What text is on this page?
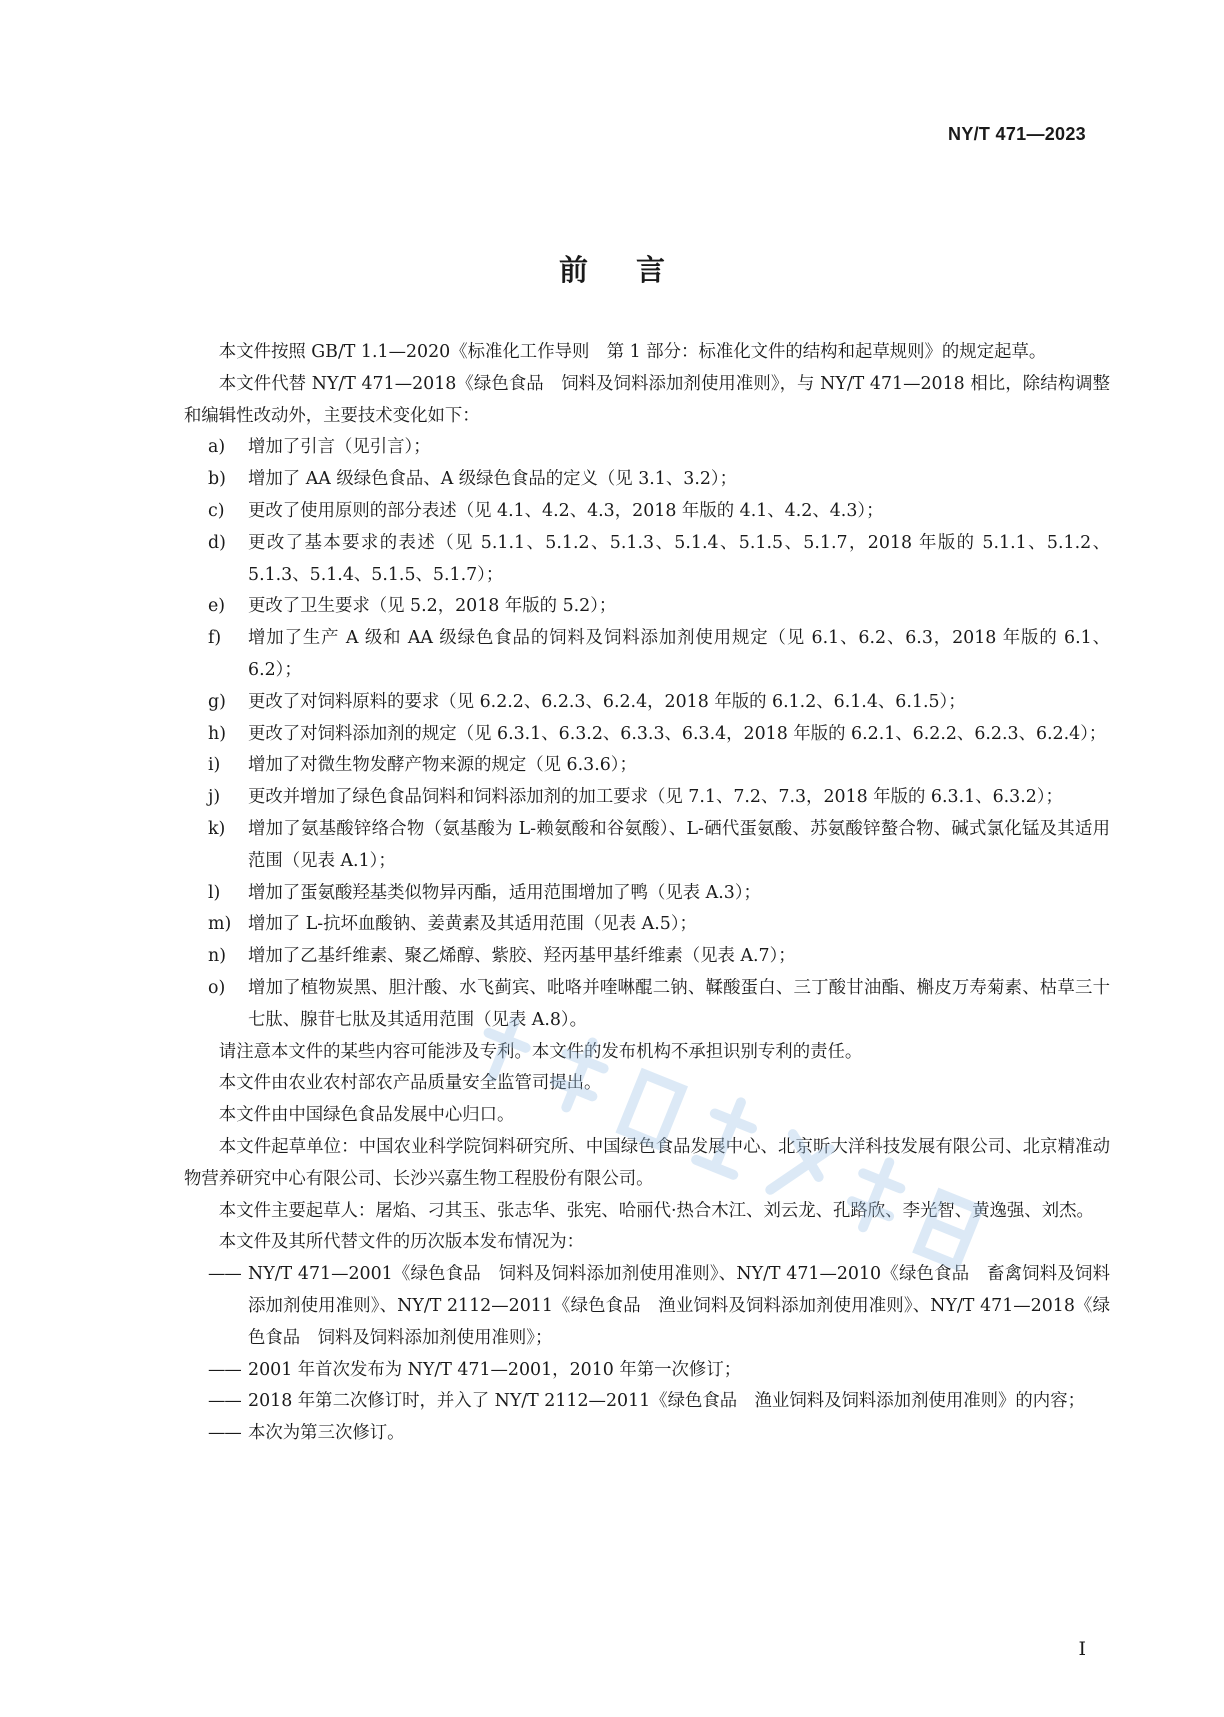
NY/T 471—2023
前言
本文件按照 GB/T 1.1—2020《标准化工作导则　第 1 部分：标准化文件的结构和起草规则》的规定起草。
本文件代替 NY/T 471—2018《绿色食品　饲料及饲料添加剂使用准则》，与 NY/T 471—2018 相比，除结构调整和编辑性改动外，主要技术变化如下：
a) 增加了引言（见引言）；
b) 增加了 AA 级绿色食品、A 级绿色食品的定义（见 3.1、3.2）；
c) 更改了使用原则的部分表述（见 4.1、4.2、4.3，2018 年版的 4.1、4.2、4.3）；
d) 更改了基本要求的表述（见 5.1.1、5.1.2、5.1.3、5.1.4、5.1.5、5.1.7，2018 年版的 5.1.1、5.1.2、5.1.3、5.1.4、5.1.5、5.1.7）；
e) 更改了卫生要求（见 5.2，2018 年版的 5.2）；
f) 增加了生产 A 级和 AA 级绿色食品的饲料及饲料添加剂使用规定（见 6.1、6.2、6.3，2018 年版的 6.1、6.2）；
g) 更改了对饲料原料的要求（见 6.2.2、6.2.3、6.2.4，2018 年版的 6.1.2、6.1.4、6.1.5）；
h) 更改了对饲料添加剂的规定（见 6.3.1、6.3.2、6.3.3、6.3.4，2018 年版的 6.2.1、6.2.2、6.2.3、6.2.4）；
i) 增加了对微生物发酵产物来源的规定（见 6.3.6）；
j) 更改并增加了绿色食品饲料和饲料添加剂的加工要求（见 7.1、7.2、7.3，2018 年版的 6.3.1、6.3.2）；
k) 增加了氨基酸锌络合物（氨基酸为 L-赖氨酸和谷氨酸）、L-硒代蛋氨酸、苏氨酸锌螯合物、碱式氯化锰及其适用范围（见表 A.1）；
l) 增加了蛋氨酸羟基类似物异丙酯，适用范围增加了鸭（见表 A.3）；
m) 增加了 L-抗坏血酸钠、姜黄素及其适用范围（见表 A.5）；
n) 增加了乙基纤维素、聚乙烯醇、紫胶、羟丙基甲基纤维素（见表 A.7）；
o) 增加了植物炭黑、胆汁酸、水飞蓟宾、吡咯并喹啉醌二钠、鞣酸蛋白、三丁酸甘油酯、槲皮万寿菊素、枯草三十七肽、腺苷七肽及其适用范围（见表 A.8）。
请注意本文件的某些内容可能涉及专利。本文件的发布机构不承担识别专利的责任。
本文件由农业农村部农产品质量安全监管司提出。
本文件由中国绿色食品发展中心归口。
本文件起草单位：中国农业科学院饲料研究所、中国绿色食品发展中心、北京昕大洋科技发展有限公司、北京精准动物营养研究中心有限公司、长沙兴嘉生物工程股份有限公司。
本文件主要起草人：屠焰、刁其玉、张志华、张宪、哈丽代·热合木江、刘云龙、孔路欣、李光智、黄逸强、刘杰。
本文件及其所代替文件的历次版本发布情况为：
—— NY/T 471—2001《绿色食品　饲料及饲料添加剂使用准则》、NY/T 471—2010《绿色食品　畜禽饲料及饲料添加剂使用准则》、NY/T 2112—2011《绿色食品　渔业饲料及饲料添加剂使用准则》、NY/T 471—2018《绿色食品　饲料及饲料添加剂使用准则》；
—— 2001 年首次发布为 NY/T 471—2001，2010 年第一次修订；
—— 2018 年第二次修订时，并入了 NY/T 2112—2011《绿色食品　渔业饲料及饲料添加剂使用准则》的内容；
—— 本次为第三次修订。
I
